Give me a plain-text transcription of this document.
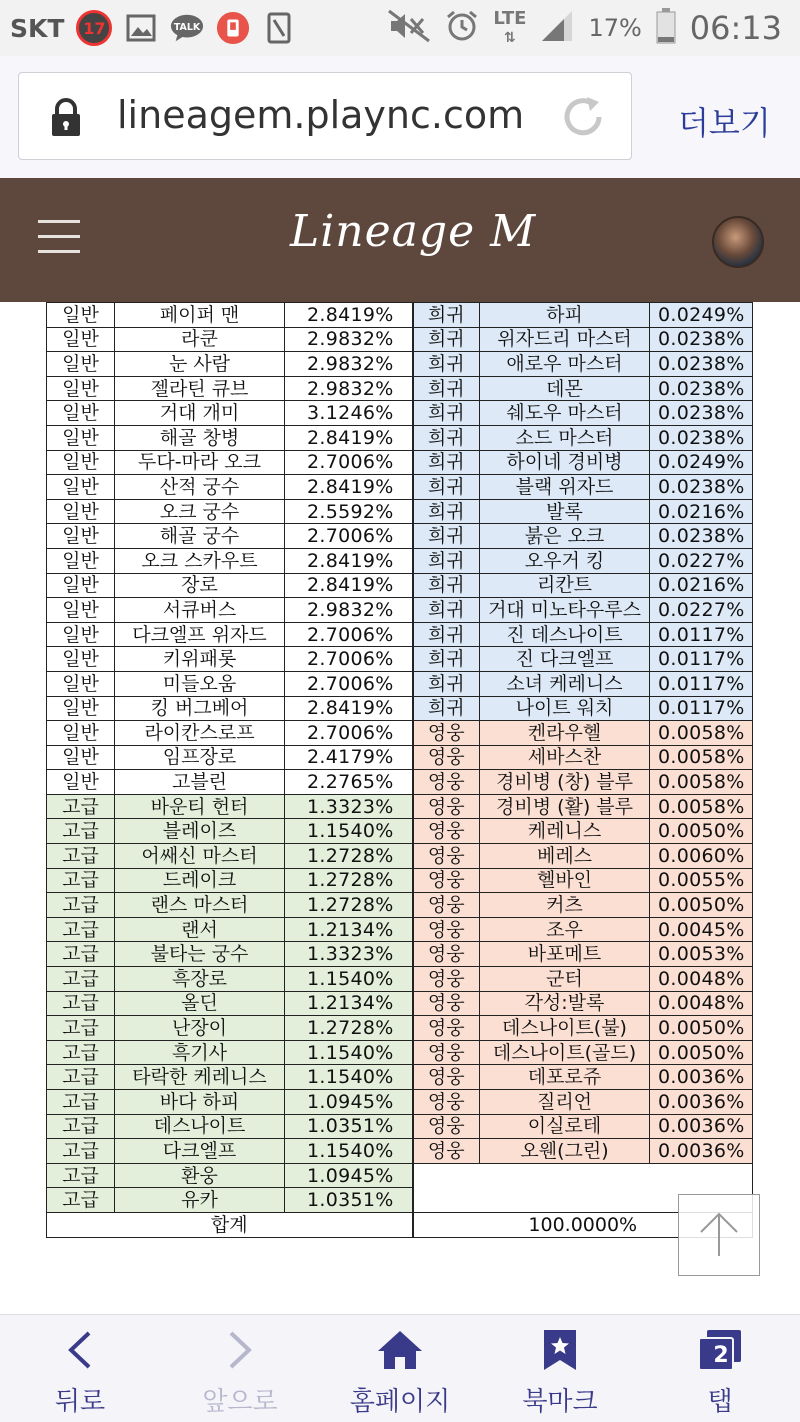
SKT	17	TALK	LTE
⇅	17% 06:13
lineagem.plaync.com	더보기
Lineage M
일반	페이퍼 맨	2.8419%	희귀	하피	0.0249%
일반	라쿤	2.9832%	희귀	위자드리 마스터	0.0238%
일반	눈 사람	2.9832%	희귀	애로우 마스터	0.0238%
일반	젤라틴 큐브	2.9832%	희귀	데몬	0.0238%
일반	거대 개미	3.1246%	희귀	쉐도우 마스터	0.0238%
일반	해골 창병	2.8419%	희귀	소드 마스터	0.0238%
일반	두다-마라 오크	2.7006%	희귀	하이네 경비병	0.0249%
일반	산적 궁수	2.8419%	희귀	블랙 위자드	0.0238%
일반	오크 궁수	2.5592%	희귀	발록	0.0216%
일반	해골 궁수	2.7006%	희귀	붉은 오크	0.0238%
일반	오크 스카우트	2.8419%	희귀	오우거 킹	0.0227%
일반	장로	2.8419%	희귀	리칸트	0.0216%
일반	서큐버스	2.9832%	희귀	거대 미노타우루스	0.0227%
일반	다크엘프 위자드	2.7006%	희귀	진 데스나이트	0.0117%
일반	키위패롯	2.7006%	희귀	진 다크엘프	0.0117%
일반	미들오움	2.7006%	희귀	소녀 케레니스	0.0117%
일반	킹 버그베어	2.8419%	희귀	나이트 워치	0.0117%
일반	라이칸스로프	2.7006%	영웅	켄라우헬	0.0058%
일반	임프장로	2.4179%	영웅	세바스찬	0.0058%
일반	고블린	2.2765%	영웅	경비병 (창) 블루	0.0058%
고급	바운티 헌터	1.3323%	영웅	경비병 (활) 블루	0.0058%
고급	블레이즈	1.1540%	영웅	케레니스	0.0050%
고급	어쌔신 마스터	1.2728%	영웅	베레스	0.0060%
고급	드레이크	1.2728%	영웅	헬바인	0.0055%
고급	랜스 마스터	1.2728%	영웅	커츠	0.0050%
고급	랜서	1.2134%	영웅	조우	0.0045%
고급	불타는 궁수	1.3323%	영웅	바포메트	0.0053%
고급	흑장로	1.1540%	영웅	군터	0.0048%
고급	올딘	1.2134%	영웅	각성:발록	0.0048%
고급	난장이	1.2728%	영웅	데스나이트(불)	0.0050%
고급	흑기사	1.1540%	영웅	데스나이트(골드)	0.0050%
고급	타락한 케레니스	1.1540%	영웅	데포로쥬	0.0036%
고급	바다 하피	1.0945%	영웅	질리언	0.0036%
고급	데스나이트	1.0351%	영웅	이실로테	0.0036%
고급	다크엘프	1.1540%	영웅	오웬(그린)	0.0036%
고급	환웅	1.0945%			
고급	유카	1.0351%			
합계			100.0000%		
뒤로	앞으로	홈페이지	북마크
2
탭
